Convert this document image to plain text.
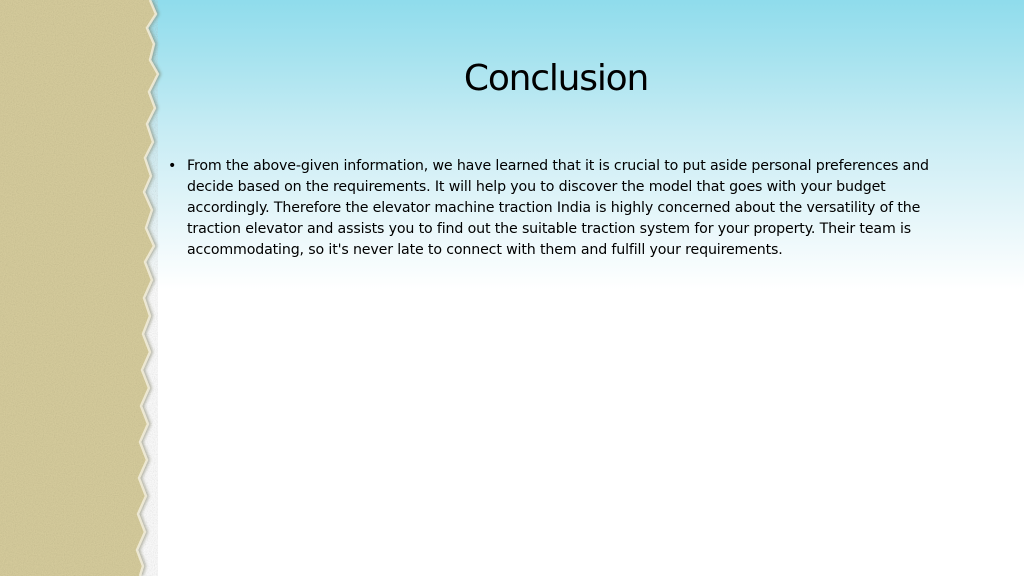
Conclusion
• From the above-given information, we have learned that it is crucial to put aside personal preferences and decide based on the requirements. It will help you to discover the model that goes with your budget accordingly. Therefore the elevator machine traction India is highly concerned about the versatility of the traction elevator and assists you to find out the suitable traction system for your property. Their team is accommodating, so it's never late to connect with them and fulfill your requirements.
